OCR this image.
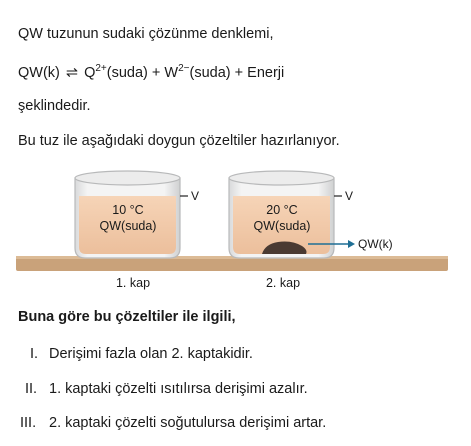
QW tuzunun sudaki çözünme denklemi,
QW(k) ⇌ $Q^{2+}(suda)$ + $W^{2-}(suda)$ + Enerji
şeklindedir.
Bu tuz ile aşağıdaki doygun çözeltiler hazırlanıyor.
V
10 °C
QW(suda)
V
20 °C
QW(suda)
QW(k)
1. kap	2. kap
Buna göre bu çözeltiler ile ilgili,
I. Derişimi fazla olan 2. kaptakidir.
II. 1. kaptaki çözelti ısıtılırsa derişimi azalır.
III. 2. kaptaki çözelti soğutulursa derişimi artar.
